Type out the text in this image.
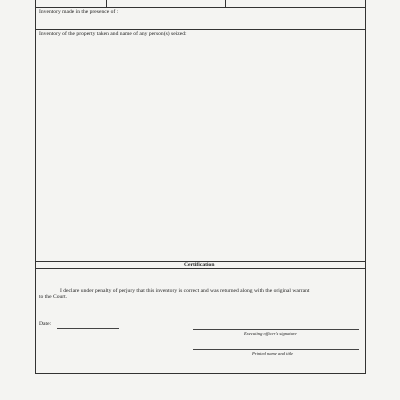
Inventory made in the presence of :
Inventory of the property taken and name of any person(s) seized:
Certification
I declare under penalty of perjury that this inventory is correct and was returned along with the original warrant
to the Court.
Date:
Executing officer's signature
Printed name and title
